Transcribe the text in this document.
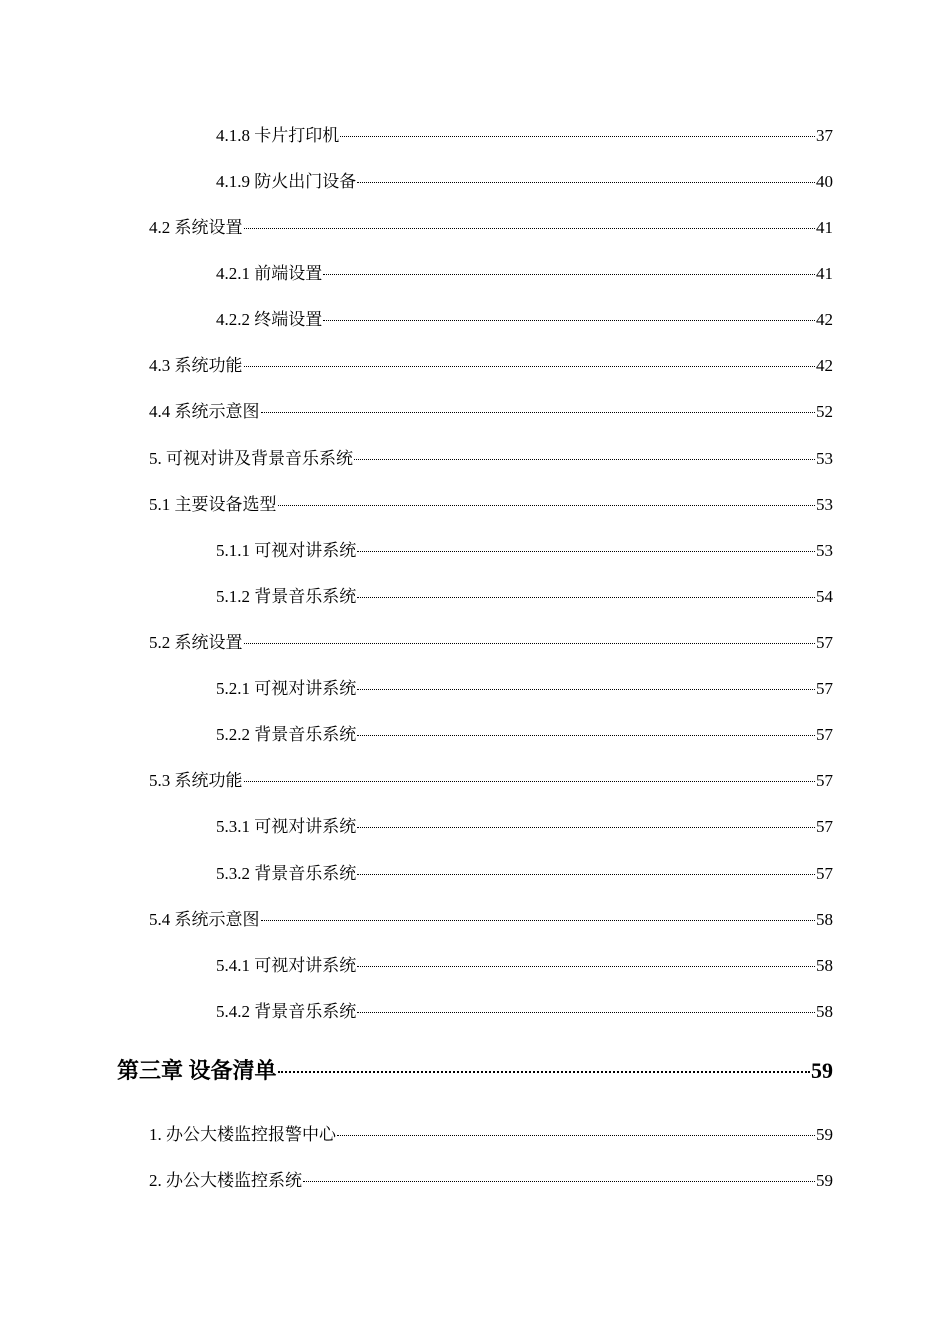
4.1.8 卡片打印机	37
4.1.9 防火出门设备	40
4.2 系统设置	41
4.2.1 前端设置	41
4.2.2 终端设置	42
4.3 系统功能	42
4.4 系统示意图	52
5. 可视对讲及背景音乐系统	53
5.1 主要设备选型	53
5.1.1 可视对讲系统	53
5.1.2 背景音乐系统	54
5.2 系统设置	57
5.2.1 可视对讲系统	57
5.2.2 背景音乐系统	57
5.3 系统功能	57
5.3.1 可视对讲系统	57
5.3.2 背景音乐系统	57
5.4 系统示意图	58
5.4.1 可视对讲系统	58
5.4.2 背景音乐系统	58
第三章 设备清单	59
1. 办公大楼监控报警中心	59
2. 办公大楼监控系统	59
